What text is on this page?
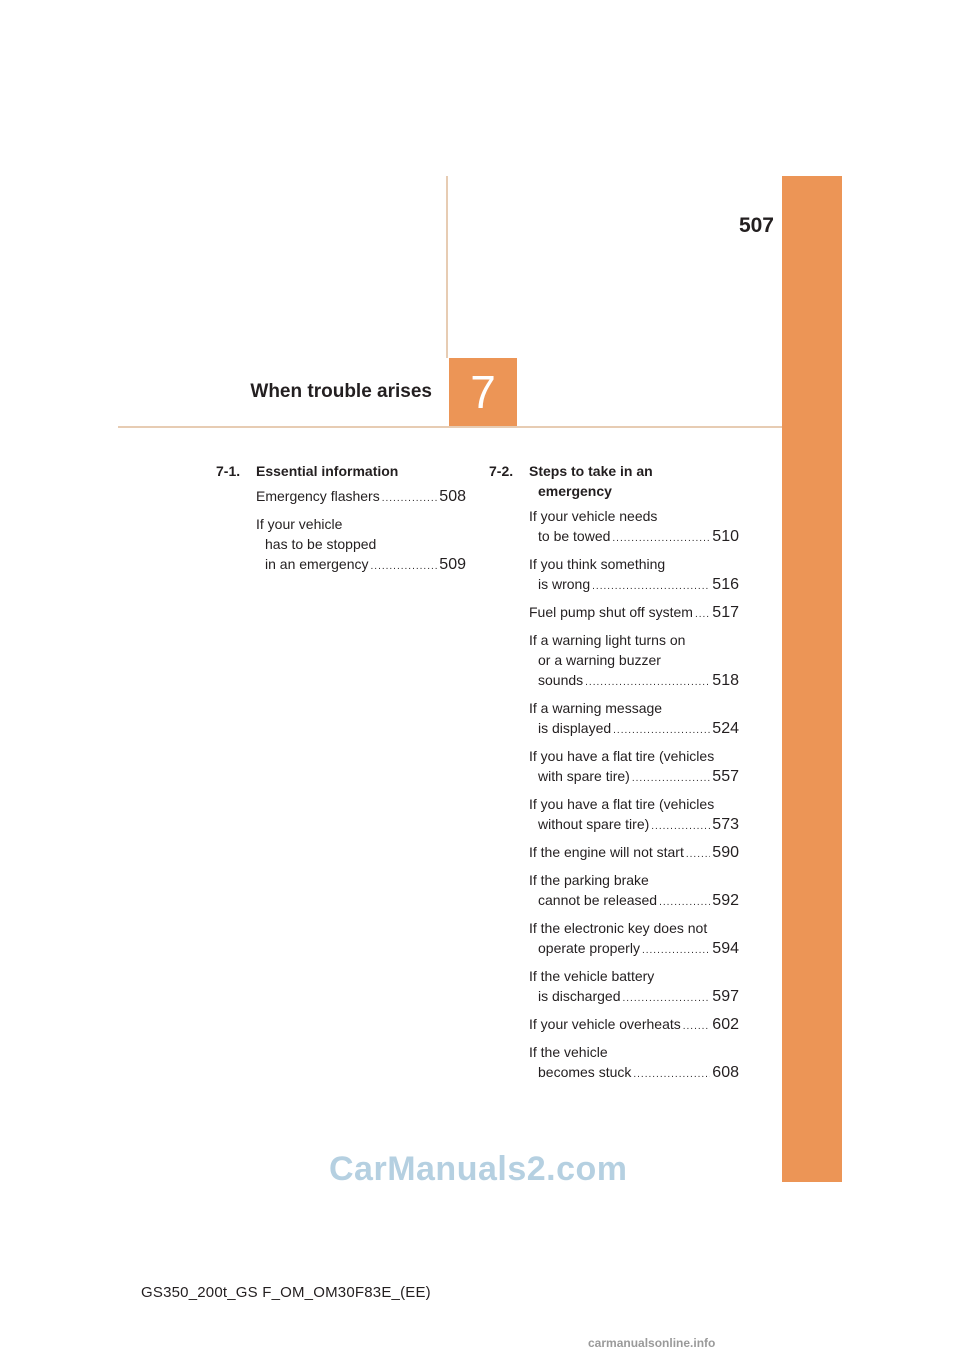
507
When trouble arises 7
7-1.	Essential information
Emergency flashers .....	508
If your vehicle
has to be stopped
in an emergency .....	509
7-2.	Steps to take in an
emergency
If your vehicle needs
to be towed .....	510
If you think something
is wrong .....	516
Fuel pump shut off system ..... 517
If a warning light turns on
or a warning buzzer
sounds .....	518
If a warning message
is displayed .....	524
If you have a flat tire (vehicles
with spare tire) .....	557
If you have a flat tire (vehicles
without spare tire) .....	573
If the engine will not start ..... 590
If the parking brake
cannot be released .....	592
If the electronic key does not
operate properly .....	594
If the vehicle battery
is discharged .....	597
If your vehicle overheats ..... 602
If the vehicle
becomes stuck .....	608
CarManuals2.com
GS350_200t_GS F_OM_OM30F83E_(EE)
carmanualsonline.info
